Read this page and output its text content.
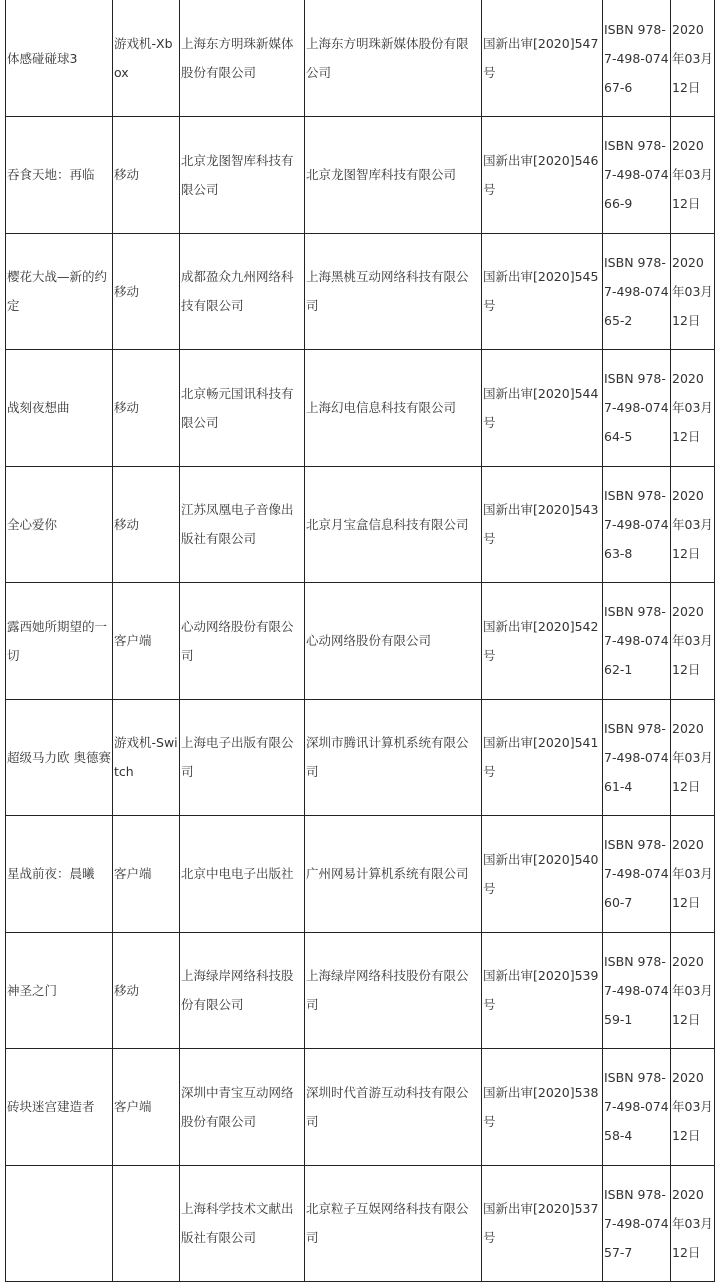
体感碰碰球3	游戏机-Xbox	上海东方明珠新媒体股份有限公司	上海东方明珠新媒体股份有限公司	国新出审[2020]547号	ISBN 978-7-498-07467-6	2020年03月12日
吞食天地：再临	移动	北京龙图智库科技有限公司	北京龙图智库科技有限公司	国新出审[2020]546号	ISBN 978-7-498-07466-9	2020年03月12日
樱花大战—新的约定	移动	成都盈众九州网络科技有限公司	上海黑桃互动网络科技有限公司	国新出审[2020]545号	ISBN 978-7-498-07465-2	2020年03月12日
战刻夜想曲	移动	北京畅元国讯科技有限公司	上海幻电信息科技有限公司	国新出审[2020]544号	ISBN 978-7-498-07464-5	2020年03月12日
全心爱你	移动	江苏凤凰电子音像出版社有限公司	北京月宝盒信息科技有限公司	国新出审[2020]543号	ISBN 978-7-498-07463-8	2020年03月12日
露西她所期望的一切	客户端	心动网络股份有限公司	心动网络股份有限公司	国新出审[2020]542号	ISBN 978-7-498-07462-1	2020年03月12日
超级马力欧 奥德赛	游戏机-Switch	上海电子出版有限公司	深圳市腾讯计算机系统有限公司	国新出审[2020]541号	ISBN 978-7-498-07461-4	2020年03月12日
星战前夜：晨曦	客户端	北京中电电子出版社	广州网易计算机系统有限公司	国新出审[2020]540号	ISBN 978-7-498-07460-7	2020年03月12日
神圣之门	移动	上海绿岸网络科技股份有限公司	上海绿岸网络科技股份有限公司	国新出审[2020]539号	ISBN 978-7-498-07459-1	2020年03月12日
砖块迷宫建造者	客户端	深圳中青宝互动网络股份有限公司	深圳时代首游互动科技有限公司	国新出审[2020]538号	ISBN 978-7-498-07458-4	2020年03月12日
		上海科学技术文献出版社有限公司	北京粒子互娱网络科技有限公司	国新出审[2020]537号	ISBN 978-7-498-07457-7	2020年03月12日
